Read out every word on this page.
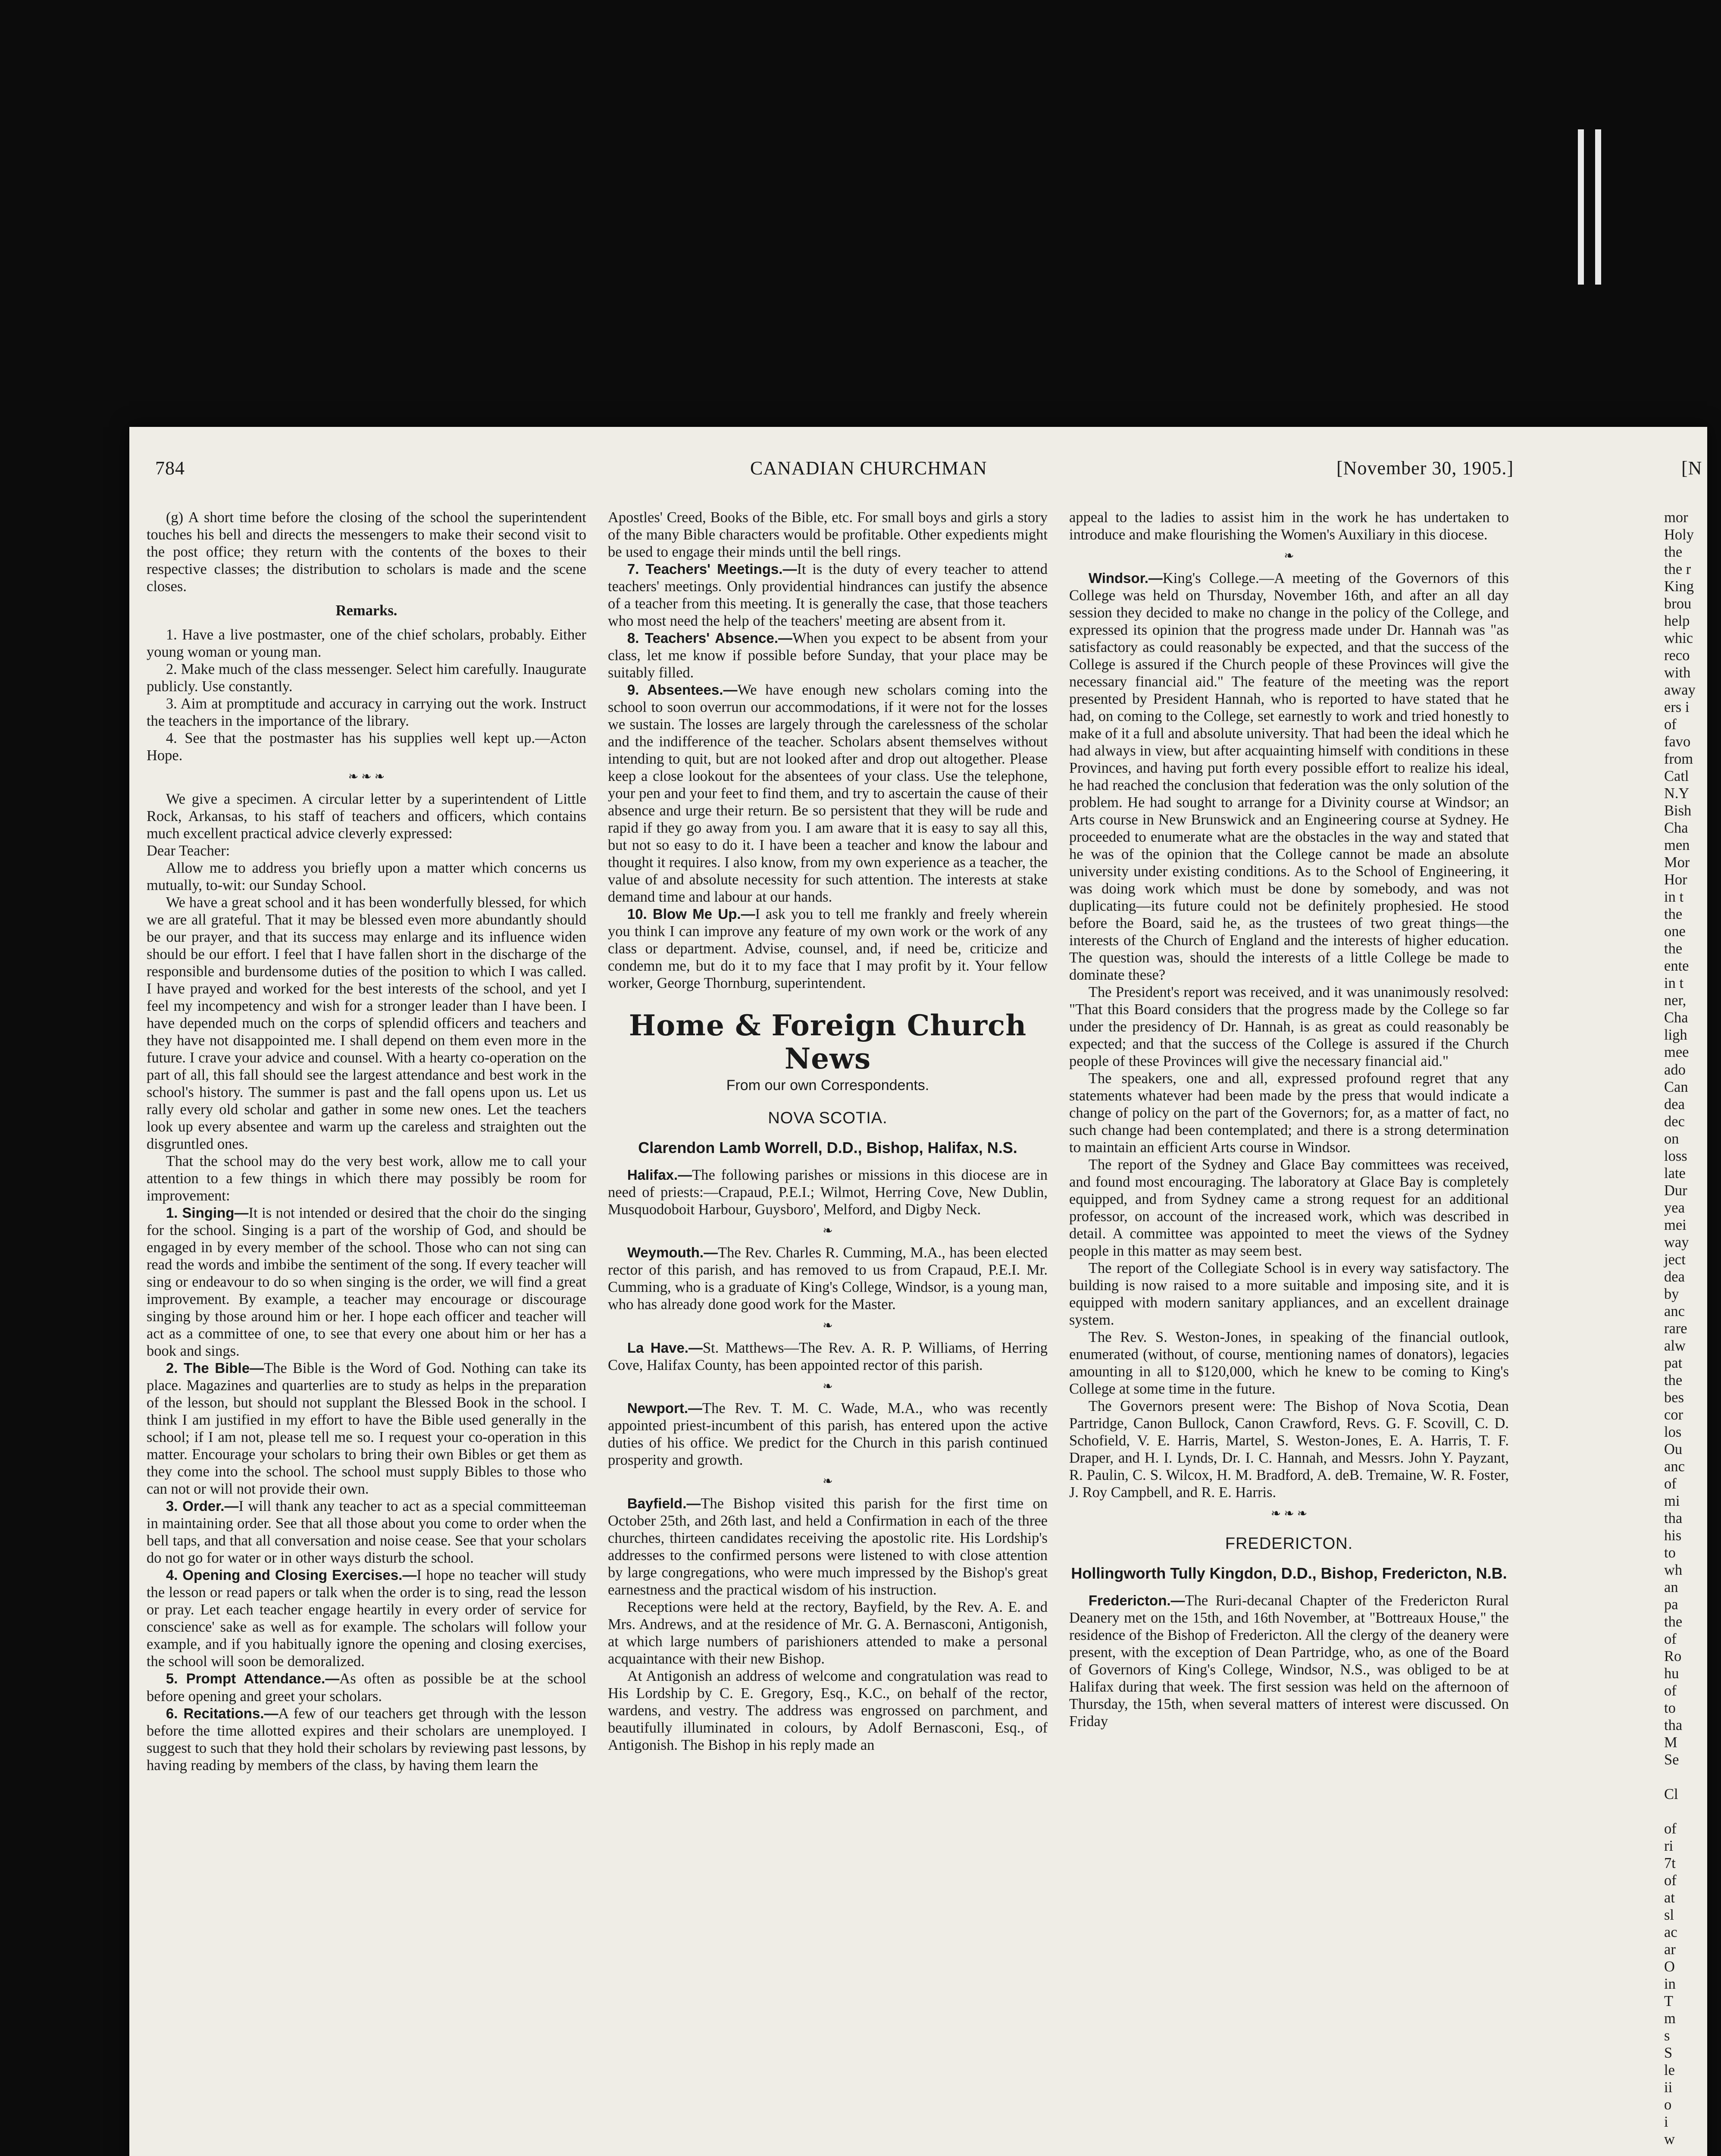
784	CANADIAN CHURCHMAN	[November 30, 1905.]	[N

(g) A short time before the closing of the school the superintendent touches his bell and directs the messengers to make their second visit to the post office; they return with the contents of the boxes to their respective classes; the distribution to scholars is made and the scene closes.

Remarks.

1. Have a live postmaster, one of the chief scholars, probably. Either young woman or young man.

2. Make much of the class messenger. Select him carefully. Inaugurate publicly. Use constantly.

3. Aim at promptitude and accuracy in carrying out the work. Instruct the teachers in the importance of the library.

4. See that the postmaster has his supplies well kept up.—Acton Hope.

❧ ❧ ❧

We give a specimen. A circular letter by a superintendent of Little Rock, Arkansas, to his staff of teachers and officers, which contains much excellent practical advice cleverly expressed:

Dear Teacher:

Allow me to address you briefly upon a matter which concerns us mutually, to-wit: our Sunday School.

We have a great school and it has been wonderfully blessed, for which we are all grateful. That it may be blessed even more abundantly should be our prayer, and that its success may enlarge and its influence widen should be our effort. I feel that I have fallen short in the discharge of the responsible and burdensome duties of the position to which I was called. I have prayed and worked for the best interests of the school, and yet I feel my incompetency and wish for a stronger leader than I have been. I have depended much on the corps of splendid officers and teachers and they have not disappointed me. I shall depend on them even more in the future. I crave your advice and counsel. With a hearty co-operation on the part of all, this fall should see the largest attendance and best work in the school's history. The summer is past and the fall opens upon us. Let us rally every old scholar and gather in some new ones. Let the teachers look up every absentee and warm up the careless and straighten out the disgruntled ones.

That the school may do the very best work, allow me to call your attention to a few things in which there may possibly be room for improvement:

1. Singing—It is not intended or desired that the choir do the singing for the school. Singing is a part of the worship of God, and should be engaged in by every member of the school. Those who can not sing can read the words and imbibe the sentiment of the song. If every teacher will sing or endeavour to do so when singing is the order, we will find a great improvement. By example, a teacher may encourage or discourage singing by those around him or her. I hope each officer and teacher will act as a committee of one, to see that every one about him or her has a book and sings.

2. The Bible—The Bible is the Word of God. Nothing can take its place. Magazines and quarterlies are to study as helps in the preparation of the lesson, but should not supplant the Blessed Book in the school. I think I am justified in my effort to have the Bible used generally in the school; if I am not, please tell me so. I request your co-operation in this matter. Encourage your scholars to bring their own Bibles or get them as they come into the school. The school must supply Bibles to those who can not or will not provide their own.

3. Order.—I will thank any teacher to act as a special committeeman in maintaining order. See that all those about you come to order when the bell taps, and that all conversation and noise cease. See that your scholars do not go for water or in other ways disturb the school.

4. Opening and Closing Exercises.—I hope no teacher will study the lesson or read papers or talk when the order is to sing, read the lesson or pray. Let each teacher engage heartily in every order of service for conscience' sake as well as for example. The scholars will follow your example, and if you habitually ignore the opening and closing exercises, the school will soon be demoralized.

5. Prompt Attendance.—As often as possible be at the school before opening and greet your scholars.

6. Recitations.—A few of our teachers get through with the lesson before the time allotted expires and their scholars are unemployed. I suggest to such that they hold their scholars by reviewing past lessons, by having reading by members of the class, by having them learn the

Apostles' Creed, Books of the Bible, etc. For small boys and girls a story of the many Bible characters would be profitable. Other expedients might be used to engage their minds until the bell rings.

7. Teachers' Meetings.—It is the duty of every teacher to attend teachers' meetings. Only providential hindrances can justify the absence of a teacher from this meeting. It is generally the case, that those teachers who most need the help of the teachers' meeting are absent from it.

8. Teachers' Absence.—When you expect to be absent from your class, let me know if possible before Sunday, that your place may be suitably filled.

9. Absentees.—We have enough new scholars coming into the school to soon overrun our accommodations, if it were not for the losses we sustain. The losses are largely through the carelessness of the scholar and the indifference of the teacher. Scholars absent themselves without intending to quit, but are not looked after and drop out altogether. Please keep a close lookout for the absentees of your class. Use the telephone, your pen and your feet to find them, and try to ascertain the cause of their absence and urge their return. Be so persistent that they will be rude and rapid if they go away from you. I am aware that it is easy to say all this, but not so easy to do it. I have been a teacher and know the labour and thought it requires. I also know, from my own experience as a teacher, the value of and absolute necessity for such attention. The interests at stake demand time and labour at our hands.

10. Blow Me Up.—I ask you to tell me frankly and freely wherein you think I can improve any feature of my own work or the work of any class or department. Advise, counsel, and, if need be, criticize and condemn me, but do it to my face that I may profit by it. Your fellow worker, George Thornburg, superintendent.

Home & Foreign Church News
From our own Correspondents.
NOVA SCOTIA.
Clarendon Lamb Worrell, D.D., Bishop, Halifax, N.S.

Halifax.—The following parishes or missions in this diocese are in need of priests:—Crapaud, P.E.I.; Wilmot, Herring Cove, New Dublin, Musquodoboit Harbour, Guysboro', Melford, and Digby Neck.

❧

Weymouth.—The Rev. Charles R. Cumming, M.A., has been elected rector of this parish, and has removed to us from Crapaud, P.E.I. Mr. Cumming, who is a graduate of King's College, Windsor, is a young man, who has already done good work for the Master.

❧

La Have.—St. Matthews—The Rev. A. R. P. Williams, of Herring Cove, Halifax County, has been appointed rector of this parish.

❧

Newport.—The Rev. T. M. C. Wade, M.A., who was recently appointed priest-incumbent of this parish, has entered upon the active duties of his office. We predict for the Church in this parish continued prosperity and growth.

❧

Bayfield.—The Bishop visited this parish for the first time on October 25th, and 26th last, and held a Confirmation in each of the three churches, thirteen candidates receiving the apostolic rite. His Lordship's addresses to the confirmed persons were listened to with close attention by large congregations, who were much impressed by the Bishop's great earnestness and the practical wisdom of his instruction.

Receptions were held at the rectory, Bayfield, by the Rev. A. E. and Mrs. Andrews, and at the residence of Mr. G. A. Bernasconi, Antigonish, at which large numbers of parishioners attended to make a personal acquaintance with their new Bishop.

At Antigonish an address of welcome and congratulation was read to His Lordship by C. E. Gregory, Esq., K.C., on behalf of the rector, wardens, and vestry. The address was engrossed on parchment, and beautifully illuminated in colours, by Adolf Bernasconi, Esq., of Antigonish. The Bishop in his reply made an

appeal to the ladies to assist him in the work he has undertaken to introduce and make flourishing the Women's Auxiliary in this diocese.

❧

Windsor.—King's College.—A meeting of the Governors of this College was held on Thursday, November 16th, and after an all day session they decided to make no change in the policy of the College, and expressed its opinion that the progress made under Dr. Hannah was "as satisfactory as could reasonably be expected, and that the success of the College is assured if the Church people of these Provinces will give the necessary financial aid." The feature of the meeting was the report presented by President Hannah, who is reported to have stated that he had, on coming to the College, set earnestly to work and tried honestly to make of it a full and absolute university. That had been the ideal which he had always in view, but after acquainting himself with conditions in these Provinces, and having put forth every possible effort to realize his ideal, he had reached the conclusion that federation was the only solution of the problem. He had sought to arrange for a Divinity course at Windsor; an Arts course in New Brunswick and an Engineering course at Sydney. He proceeded to enumerate what are the obstacles in the way and stated that he was of the opinion that the College cannot be made an absolute university under existing conditions. As to the School of Engineering, it was doing work which must be done by somebody, and was not duplicating—its future could not be definitely prophesied. He stood before the Board, said he, as the trustees of two great things—the interests of the Church of England and the interests of higher education. The question was, should the interests of a little College be made to dominate these?

The President's report was received, and it was unanimously resolved: "That this Board considers that the progress made by the College so far under the presidency of Dr. Hannah, is as great as could reasonably be expected; and that the success of the College is assured if the Church people of these Provinces will give the necessary financial aid."

The speakers, one and all, expressed profound regret that any statements whatever had been made by the press that would indicate a change of policy on the part of the Governors; for, as a matter of fact, no such change had been contemplated; and there is a strong determination to maintain an efficient Arts course in Windsor.

The report of the Sydney and Glace Bay committees was received, and found most encouraging. The laboratory at Glace Bay is completely equipped, and from Sydney came a strong request for an additional professor, on account of the increased work, which was described in detail. A committee was appointed to meet the views of the Sydney people in this matter as may seem best.

The report of the Collegiate School is in every way satisfactory. The building is now raised to a more suitable and imposing site, and it is equipped with modern sanitary appliances, and an excellent drainage system.

The Rev. S. Weston-Jones, in speaking of the financial outlook, enumerated (without, of course, mentioning names of donators), legacies amounting in all to $120,000, which he knew to be coming to King's College at some time in the future.

The Governors present were: The Bishop of Nova Scotia, Dean Partridge, Canon Bullock, Canon Crawford, Revs. G. F. Scovill, C. D. Schofield, V. E. Harris, Martel, S. Weston-Jones, E. A. Harris, T. F. Draper, and H. I. Lynds, Dr. I. C. Hannah, and Messrs. John Y. Payzant, R. Paulin, C. S. Wilcox, H. M. Bradford, A. deB. Tremaine, W. R. Foster, J. Roy Campbell, and R. E. Harris.

❧ ❧ ❧
FREDERICTON.
Hollingworth Tully Kingdon, D.D., Bishop, Fredericton, N.B.

Fredericton.—The Ruri-decanal Chapter of the Fredericton Rural Deanery met on the 15th, and 16th November, at "Bottreaux House," the residence of the Bishop of Fredericton. All the clergy of the deanery were present, with the exception of Dean Partridge, who, as one of the Board of Governors of King's College, Windsor, N.S., was obliged to be at Halifax during that week. The first session was held on the afternoon of Thursday, the 15th, when several matters of interest were discussed. On Friday

mor
Holy
the
the r
King
brou
help
whic
reco
with
away
ers i
of
favo
from
Catl
N.Y
Bish
Cha
men
Mor
Hor
in t
the
one
the
ente
in t
ner,
Cha
ligh
mee
ado
Can
dea
dec
on
loss
late
Dur
yea
mei
way
ject
dea
by
anc
rare
alw
pat
the
bes
cor
los
Ou
anc
of
mi
tha
his
to
wh
an
pa
the
of
Ro
hu
of
to
tha
M
Se

Cl

of
ri
7t
of
at
sl
ac
ar
O
in
T
m
s
S
le
ii
o
i
w
